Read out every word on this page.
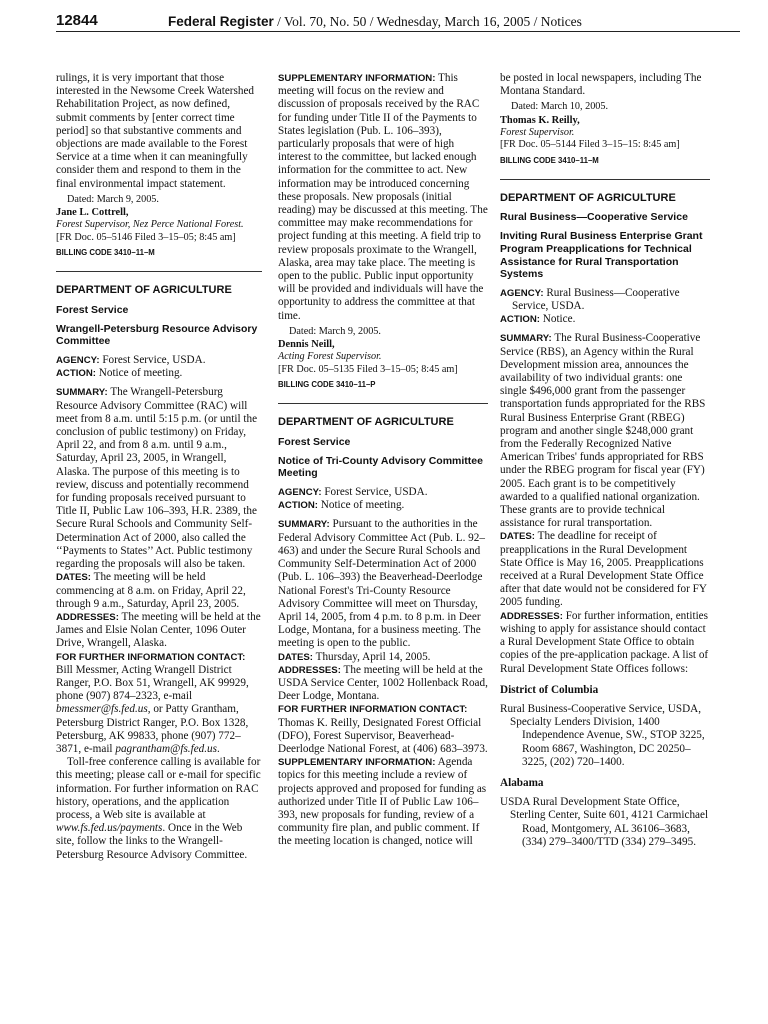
12844	Federal Register / Vol. 70, No. 50 / Wednesday, March 16, 2005 / Notices

rulings, it is very important that those interested in the Newsome Creek Watershed Rehabilitation Project, as now defined, submit comments by [enter correct time period] so that substantive comments and objections are made available to the Forest Service at a time when it can meaningfully consider them and respond to them in the final environmental impact statement.

Dated: March 9, 2005.

Jane L. Cottrell,

Forest Supervisor, Nez Perce National Forest.

[FR Doc. 05–5146 Filed 3–15–05; 8:45 am]

BILLING CODE 3410–11–M

DEPARTMENT OF AGRICULTURE

Forest Service

Wrangell-Petersburg Resource Advisory Committee

AGENCY: Forest Service, USDA.

ACTION: Notice of meeting.

SUMMARY: The Wrangell-Petersburg Resource Advisory Committee (RAC) will meet from 8 a.m. until 5:15 p.m. (or until the conclusion of public testimony) on Friday, April 22, and from 8 a.m. until 9 a.m., Saturday, April 23, 2005, in Wrangell, Alaska. The purpose of this meeting is to review, discuss and potentially recommend for funding proposals received pursuant to Title II, Public Law 106–393, H.R. 2389, the Secure Rural Schools and Community Self-Determination Act of 2000, also called the ‘‘Payments to States’’ Act. Public testimony regarding the proposals will also be taken.

DATES: The meeting will be held commencing at 8 a.m. on Friday, April 22, through 9 a.m., Saturday, April 23, 2005.

ADDRESSES: The meeting will be held at the James and Elsie Nolan Center, 1096 Outer Drive, Wrangell, Alaska.

FOR FURTHER INFORMATION CONTACT: Bill Messmer, Acting Wrangell District Ranger, P.O. Box 51, Wrangell, AK 99929, phone (907) 874–2323, e-mail bmessmer@fs.fed.us, or Patty Grantham, Petersburg District Ranger, P.O. Box 1328, Petersburg, AK 99833, phone (907) 772–3871, e-mail pagrantham@fs.fed.us.

Toll-free conference calling is available for this meeting; please call or e-mail for specific information. For further information on RAC history, operations, and the application process, a Web site is available at www.fs.fed.us/payments. Once in the Web site, follow the links to the Wrangell-Petersburg Resource Advisory Committee.

SUPPLEMENTARY INFORMATION: This meeting will focus on the review and discussion of proposals received by the RAC for funding under Title II of the Payments to States legislation (Pub. L. 106–393), particularly proposals that were of high interest to the committee, but lacked enough information for the committee to act. New information may be introduced concerning these proposals. New proposals (initial reading) may be discussed at this meeting. The committee may make recommendations for project funding at this meeting. A field trip to review proposals proximate to the Wrangell, Alaska, area may take place. The meeting is open to the public. Public input opportunity will be provided and individuals will have the opportunity to address the committee at that time.

Dated: March 9, 2005.

Dennis Neill,

Acting Forest Supervisor.

[FR Doc. 05–5135 Filed 3–15–05; 8:45 am]

BILLING CODE 3410–11–P

DEPARTMENT OF AGRICULTURE

Forest Service

Notice of Tri-County Advisory Committee Meeting

AGENCY: Forest Service, USDA.

ACTION: Notice of meeting.

SUMMARY: Pursuant to the authorities in the Federal Advisory Committee Act (Pub. L. 92–463) and under the Secure Rural Schools and Community Self-Determination Act of 2000 (Pub. L. 106–393) the Beaverhead-Deerlodge National Forest's Tri-County Resource Advisory Committee will meet on Thursday, April 14, 2005, from 4 p.m. to 8 p.m. in Deer Lodge, Montana, for a business meeting. The meeting is open to the public.

DATES: Thursday, April 14, 2005.

ADDRESSES: The meeting will be held at the USDA Service Center, 1002 Hollenback Road, Deer Lodge, Montana.

FOR FURTHER INFORMATION CONTACT: Thomas K. Reilly, Designated Forest Official (DFO), Forest Supervisor, Beaverhead-Deerlodge National Forest, at (406) 683–3973.

SUPPLEMENTARY INFORMATION: Agenda topics for this meeting include a review of projects approved and proposed for funding as authorized under Title II of Public Law 106–393, new proposals for funding, review of a community fire plan, and public comment. If the meeting location is changed, notice will

be posted in local newspapers, including The Montana Standard.

Dated: March 10, 2005.

Thomas K. Reilly,

Forest Supervisor.

[FR Doc. 05–5144 Filed 3–15–15: 8:45 am]

BILLING CODE 3410–11–M

DEPARTMENT OF AGRICULTURE

Rural Business—Cooperative Service

Inviting Rural Business Enterprise Grant Program Preapplications for Technical Assistance for Rural Transportation Systems

AGENCY: Rural Business—Cooperative Service, USDA.

ACTION: Notice.

SUMMARY: The Rural Business-Cooperative Service (RBS), an Agency within the Rural Development mission area, announces the availability of two individual grants: one single $496,000 grant from the passenger transportation funds appropriated for the RBS Rural Business Enterprise Grant (RBEG) program and another single $248,000 grant from the Federally Recognized Native American Tribes' funds appropriated for RBS under the RBEG program for fiscal year (FY) 2005. Each grant is to be competitively awarded to a qualified national organization. These grants are to provide technical assistance for rural transportation.

DATES: The deadline for receipt of preapplications in the Rural Development State Office is May 16, 2005. Preapplications received at a Rural Development State Office after that date would not be considered for FY 2005 funding.

ADDRESSES: For further information, entities wishing to apply for assistance should contact a Rural Development State Office to obtain copies of the pre-application package. A list of Rural Development State Offices follows:

District of Columbia

Rural Business-Cooperative Service, USDA,

Specialty Lenders Division, 1400 Independence Avenue, SW., STOP 3225, Room 6867, Washington, DC 20250–3225, (202) 720–1400.

Alabama

USDA Rural Development State Office,

Sterling Center, Suite 601, 4121 Carmichael Road, Montgomery, AL 36106–3683, (334) 279–3400/TTD (334) 279–3495.
